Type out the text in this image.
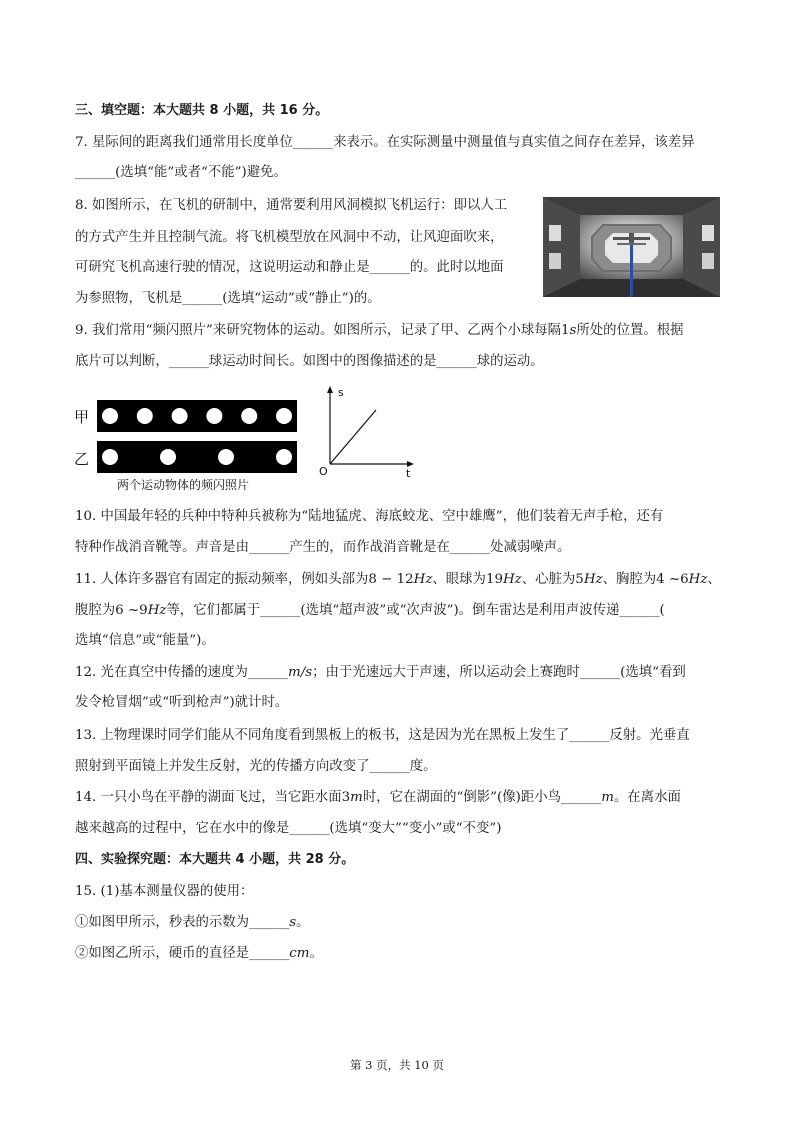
三、填空题：本大题共 8 小题，共 16 分。
7. 星际间的距离我们通常用长度单位______来表示。在实际测量中测量值与真实值之间存在差异，该差异
______(选填“能”或者“不能”)避免。
8. 如图所示，在飞机的研制中，通常要利用风洞模拟飞机运行：即以人工
的方式产生并且控制气流。将飞机模型放在风洞中不动，让风迎面吹来，
可研究飞机高速行驶的情况，这说明运动和静止是______的。此时以地面
为参照物，飞机是______(选填“运动”或“静止”)的。
9. 我们常用“频闪照片”来研究物体的运动。如图所示，记录了甲、乙两个小球每隔1s所处的位置。根据
底片可以判断，______球运动时间长。如图中的图像描述的是______球的运动。
甲
乙
两个运动物体的频闪照片
s
t
O
10. 中国最年轻的兵种中特种兵被称为“陆地猛虎、海底蛟龙、空中雄鹰”，他们装着无声手枪，还有
特种作战消音靴等。声音是由______产生的，而作战消音靴是在______处减弱噪声。
11. 人体许多器官有固定的振动频率，例如头部为8 − 12Hz、眼球为19Hz、心脏为5Hz、胸腔为4 ~6Hz、
腹腔为6 ~9Hz等，它们都属于______(选填“超声波”或“次声波”)。倒车雷达是利用声波传递______(
选填“信息”或“能量”)。
12. 光在真空中传播的速度为______m/s；由于光速远大于声速，所以运动会上赛跑时______(选填“看到
发令枪冒烟”或“听到枪声”)就计时。
13. 上物理课时同学们能从不同角度看到黑板上的板书，这是因为光在黑板上发生了______反射。光垂直
照射到平面镜上并发生反射，光的传播方向改变了______度。
14. 一只小鸟在平静的湖面飞过，当它距水面3m时，它在湖面的“倒影”(像)距小鸟______m。在离水面
越来越高的过程中，它在水中的像是______(选填“变大”“变小”或“不变”)
四、实验探究题：本大题共 4 小题，共 28 分。
15. (1)基本测量仪器的使用：
①如图甲所示，秒表的示数为______s。
②如图乙所示，硬币的直径是______cm。
第 3 页，共 10 页
